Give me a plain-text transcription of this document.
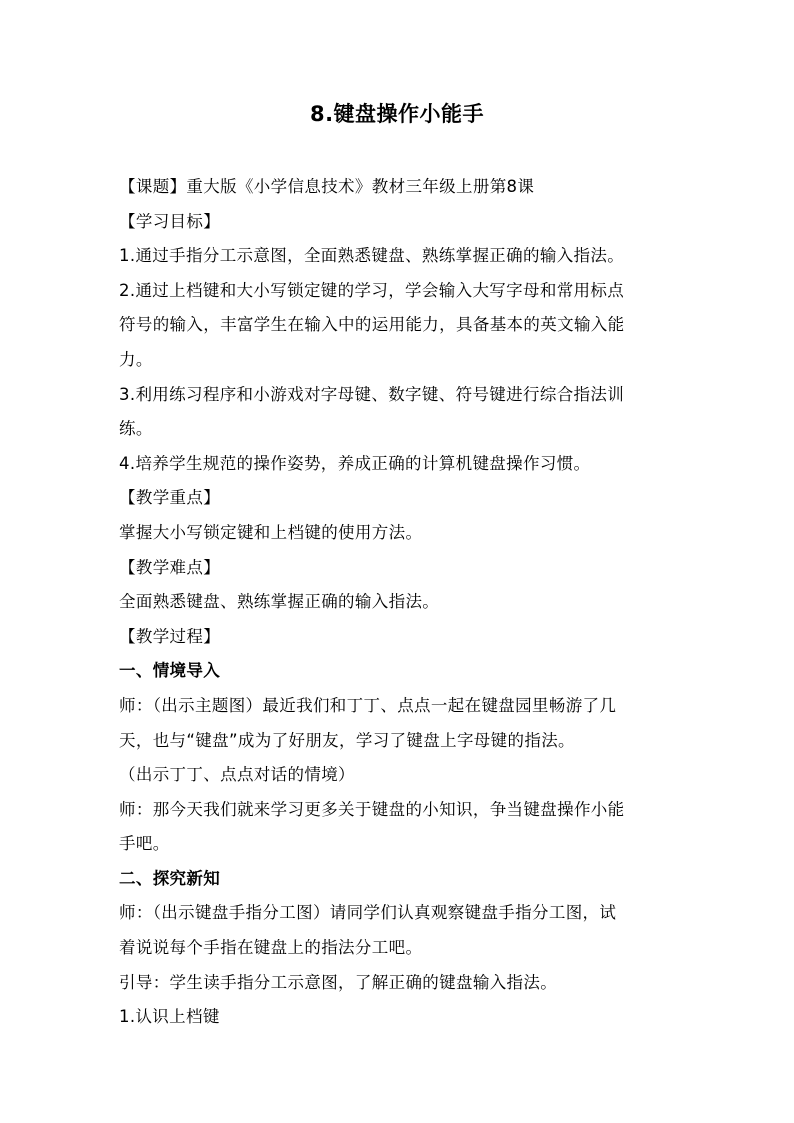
8.键盘操作小能手
【课题】重大版《小学信息技术》教材三年级上册第8课
【学习目标】
1.通过手指分工示意图，全面熟悉键盘、熟练掌握正确的输入指法。
2.通过上档键和大小写锁定键的学习，学会输入大写字母和常用标点
符号的输入，丰富学生在输入中的运用能力，具备基本的英文输入能
力。
3.利用练习程序和小游戏对字母键、数字键、符号键进行综合指法训
练。
4.培养学生规范的操作姿势，养成正确的计算机键盘操作习惯。
【教学重点】
掌握大小写锁定键和上档键的使用方法。
【教学难点】
全面熟悉键盘、熟练掌握正确的输入指法。
【教学过程】
一、情境导入
师：（出示主题图）最近我们和丁丁、点点一起在键盘园里畅游了几
天，也与“键盘”成为了好朋友，学习了键盘上字母键的指法。
（出示丁丁、点点对话的情境）
师：那今天我们就来学习更多关于键盘的小知识，争当键盘操作小能
手吧。
二、探究新知
师：（出示键盘手指分工图）请同学们认真观察键盘手指分工图，试
着说说每个手指在键盘上的指法分工吧。
引导：学生读手指分工示意图，了解正确的键盘输入指法。
1.认识上档键
